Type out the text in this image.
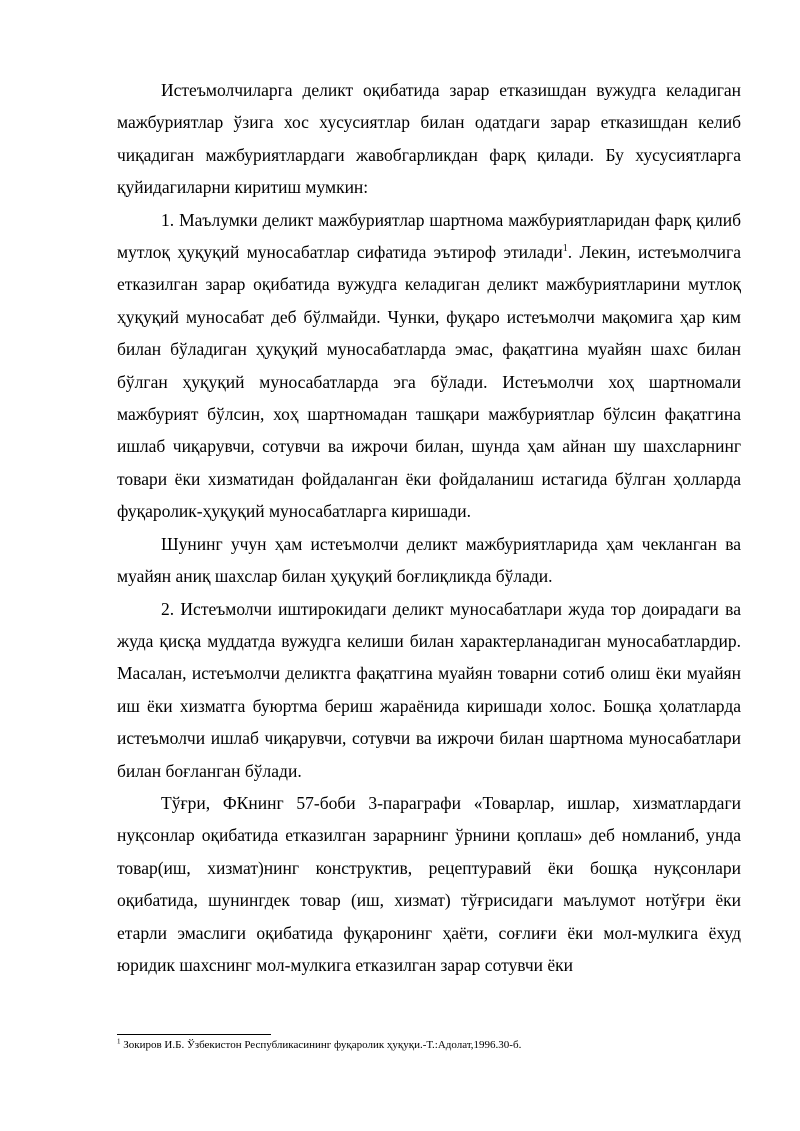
Истеъмолчиларга деликт оқибатида зарар етказишдан вужудга келадиган мажбуриятлар ўзига хос хусусиятлар билан одатдаги зарар етказишдан келиб чиқадиган мажбуриятлардаги жавобгарликдан фарқ қилади. Бу хусусиятларга қуйидагиларни киритиш мумкин:

1. Маълумки деликт мажбуриятлар шартнома мажбуриятларидан фарқ қилиб мутлоқ ҳуқуқий муносабатлар сифатида эътироф этилади$^1$. Лекин, истеъмолчига етказилган зарар оқибатида вужудга келадиган деликт мажбуриятларини мутлоқ ҳуқуқий муносабат деб бўлмайди. Чунки, фуқаро истеъмолчи мақомига ҳар ким билан бўладиган ҳуқуқий муносабатларда эмас, фақатгина муайян шахс билан бўлган ҳуқуқий муносабатларда эга бўлади. Истеъмолчи хоҳ шартномали мажбурият бўлсин, хоҳ шартномадан ташқари мажбуриятлар бўлсин фақатгина ишлаб чиқарувчи, сотувчи ва ижрочи билан, шунда ҳам айнан шу шахсларнинг товари ёки хизматидан фойдаланган ёки фойдаланиш истагида бўлган ҳолларда фуқаролик-ҳуқуқий муносабатларга киришади.

Шунинг учун ҳам истеъмолчи деликт мажбуриятларида ҳам чекланган ва муайян аниқ шахслар билан ҳуқуқий боғлиқликда бўлади.

2. Истеъмолчи иштирокидаги деликт муносабатлари жуда тор доирадаги ва жуда қисқа муддатда вужудга келиши билан характерланадиган муносабатлардир. Масалан, истеъмолчи деликтга фақатгина муайян товарни сотиб олиш ёки муайян иш ёки хизматга буюртма бериш жараёнида киришади холос. Бошқа ҳолатларда истеъмолчи ишлаб чиқарувчи, сотувчи ва ижрочи билан шартнома муносабатлари билан боғланган бўлади.

Тўғри, ФКнинг 57-боби 3-параграфи «Товарлар, ишлар, хизматлардаги нуқсонлар оқибатида етказилган зарарнинг ўрнини қоплаш» деб номланиб, унда товар(иш, хизмат)нинг конструктив, рецептуравий ёки бошқа нуқсонлари оқибатида, шунингдек товар (иш, хизмат) тўғрисидаги маълумот нотўғри ёки етарли эмаслиги оқибатида фуқаронинг ҳаёти, соғлиғи ёки мол-мулкига ёхуд юридик шахснинг мол-мулкига етказилган зарар сотувчи ёки

$^1$ Зокиров И.Б. Ўзбекистон Республикасининг фуқаролик ҳуқуқи.-Т.:Адолат,1996.30-б.
